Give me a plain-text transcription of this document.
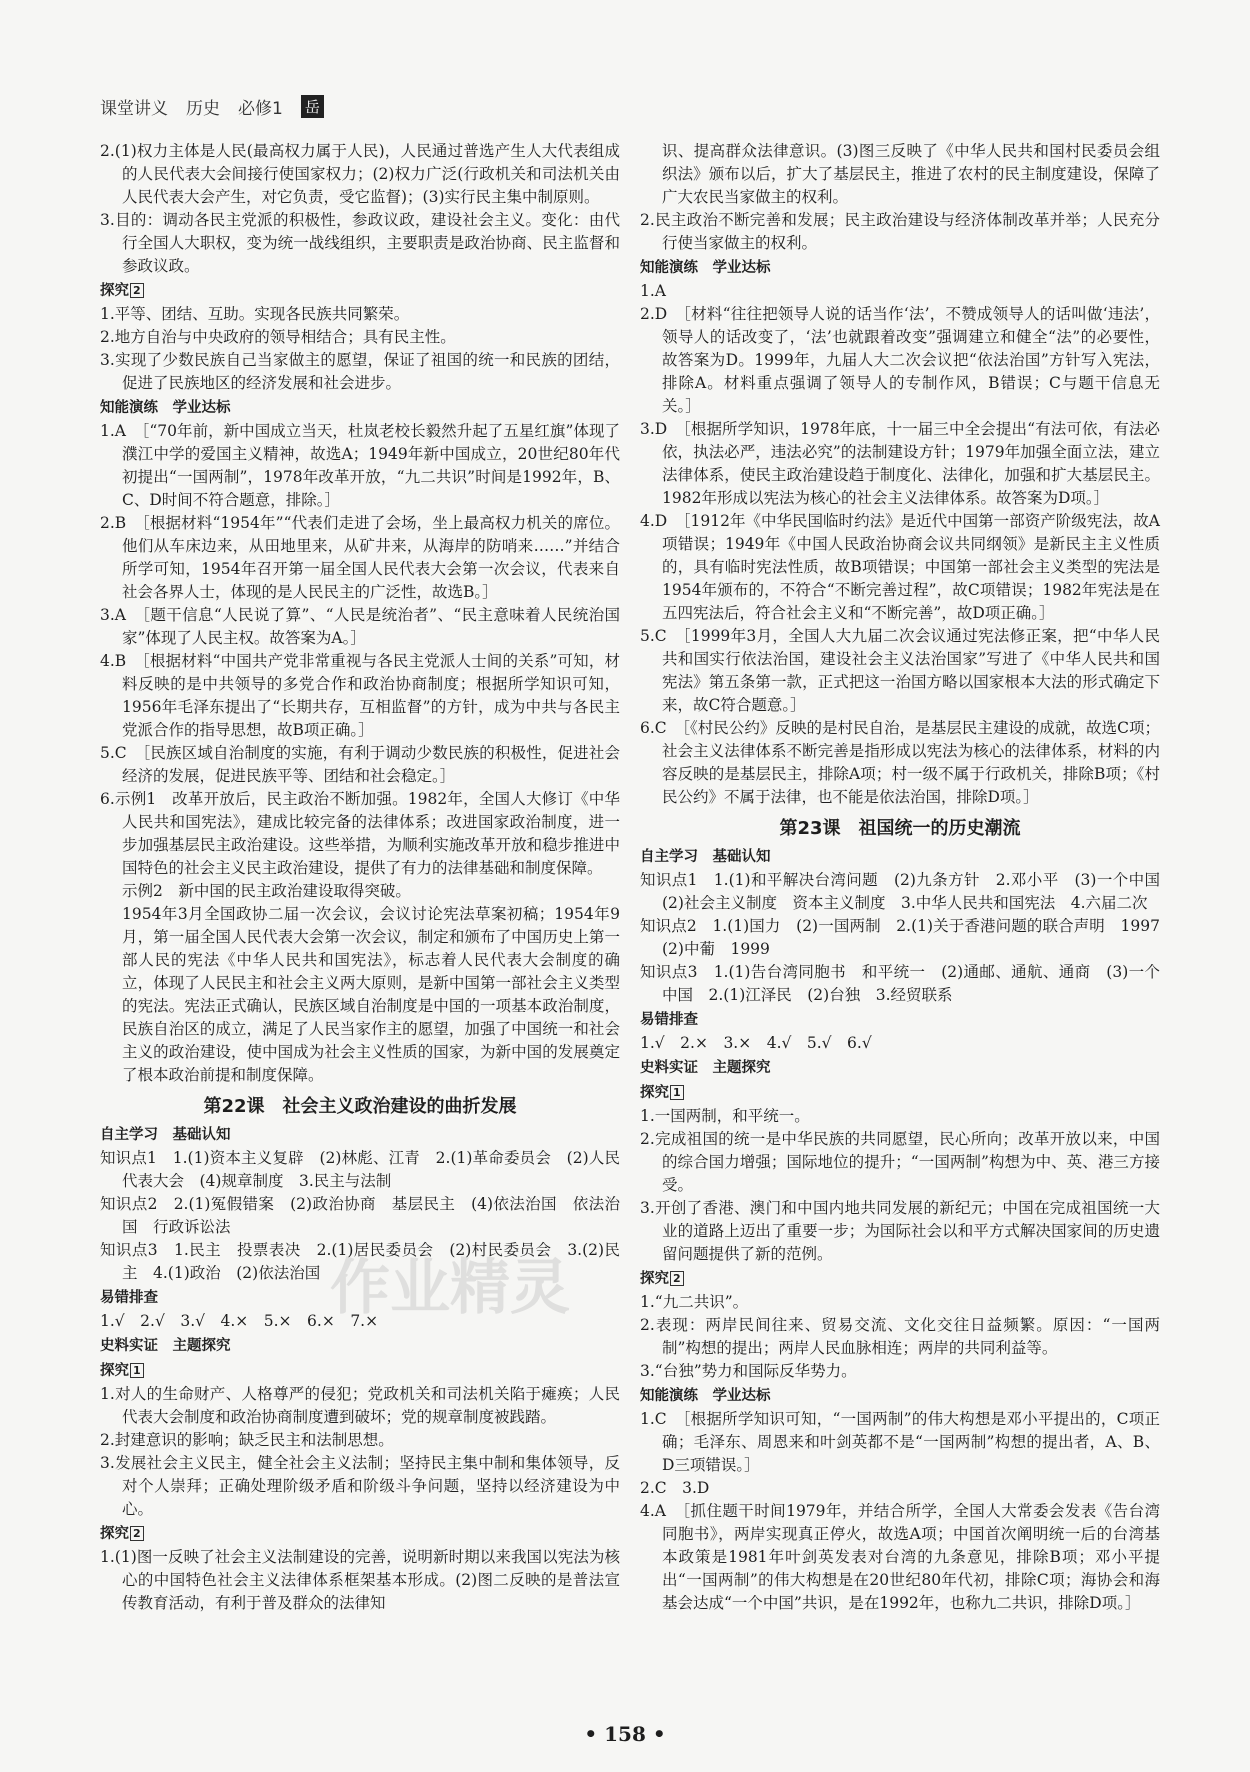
课堂讲义 历史 必修1 岳
2.(1)权力主体是人民(最高权力属于人民)，人民通过普选产生人大代表组成的人民代表大会间接行使国家权力；(2)权力广泛(行政机关和司法机关由人民代表大会产生，对它负责，受它监督)；(3)实行民主集中制原则。
3.目的：调动各民主党派的积极性，参政议政，建设社会主义。变化：由代行全国人大职权，变为统一战线组织，主要职责是政治协商、民主监督和参政议政。
探究 2
1.平等、团结、互助。实现各民族共同繁荣。
2.地方自治与中央政府的领导相结合；具有民主性。
3.实现了少数民族自己当家做主的愿望，保证了祖国的统一和民族的团结，促进了民族地区的经济发展和社会进步。
知能演练　学业达标
1.A　［“70年前，新中国成立当天，杜岚老校长毅然升起了五星红旗”体现了濮江中学的爱国主义精神，故选A；1949年新中国成立，20世纪80年代初提出“一国两制”，1978年改革开放，“九二共识”时间是1992年，B、C、D时间不符合题意，排除。］
2.B　［根据材料“1954年”“代表们走进了会场，坐上最高权力机关的席位。他们从车床边来，从田地里来，从矿井来，从海岸的防哨来……”并结合所学可知，1954年召开第一届全国人民代表大会第一次会议，代表来自社会各界人士，体现的是人民民主的广泛性，故选B。］
3.A　［题干信息“人民说了算”、“人民是统治者”、“民主意味着人民统治国家”体现了人民主权。故答案为A。］
4.B　［根据材料“中国共产党非常重视与各民主党派人士间的关系”可知，材料反映的是中共领导的多党合作和政治协商制度；根据所学知识可知，1956年毛泽东提出了“长期共存，互相监督”的方针，成为中共与各民主党派合作的指导思想，故B项正确。］
5.C　［民族区域自治制度的实施，有利于调动少数民族的积极性，促进社会经济的发展，促进民族平等、团结和社会稳定。］
6.示例1　改革开放后，民主政治不断加强。1982年，全国人大修订《中华人民共和国宪法》，建成比较完备的法律体系；改进国家政治制度，进一步加强基层民主政治建设。这些举措，为顺利实施改革开放和稳步推进中国特色的社会主义民主政治建设，提供了有力的法律基础和制度保障。
示例2　新中国的民主政治建设取得突破。
1954年3月全国政协二届一次会议，会议讨论宪法草案初稿；1954年9月，第一届全国人民代表大会第一次会议，制定和颁布了中国历史上第一部人民的宪法《中华人民共和国宪法》，标志着人民代表大会制度的确立，体现了人民民主和社会主义两大原则，是新中国第一部社会主义类型的宪法。宪法正式确认，民族区域自治制度是中国的一项基本政治制度，民族自治区的成立，满足了人民当家作主的愿望，加强了中国统一和社会主义的政治建设，使中国成为社会主义性质的国家，为新中国的发展奠定了根本政治前提和制度保障。
第22课　社会主义政治建设的曲折发展
自主学习　基础认知
知识点1　1.(1)资本主义复辟　(2)林彪、江青　2.(1)革命委员会　(2)人民代表大会　(4)规章制度　3.民主与法制
知识点2　2.(1)冤假错案　(2)政治协商　基层民主　(4)依法治国　依法治国　行政诉讼法
知识点3　1.民主　投票表决　2.(1)居民委员会　(2)村民委员会　3.(2)民主　4.(1)政治　(2)依法治国
易错排查
1.√　2.√　3.√　4.×　5.×　6.×　7.×
史料实证　主题探究
探究 1
1.对人的生命财产、人格尊严的侵犯；党政机关和司法机关陷于瘫痪；人民代表大会制度和政治协商制度遭到破坏；党的规章制度被践踏。
2.封建意识的影响；缺乏民主和法制思想。
3.发展社会主义民主，健全社会主义法制；坚持民主集中制和集体领导，反对个人崇拜；正确处理阶级矛盾和阶级斗争问题，坚持以经济建设为中心。
探究 2
1.(1)图一反映了社会主义法制建设的完善，说明新时期以来我国以宪法为核心的中国特色社会主义法律体系框架基本形成。(2)图二反映的是普法宣传教育活动，有利于普及群众的法律知
识、提高群众法律意识。(3)图三反映了《中华人民共和国村民委员会组织法》颁布以后，扩大了基层民主，推进了农村的民主制度建设，保障了广大农民当家做主的权利。
2.民主政治不断完善和发展；民主政治建设与经济体制改革并举；人民充分行使当家做主的权利。
知能演练　学业达标
1.A
2.D　［材料“往往把领导人说的话当作‘法’，不赞成领导人的话叫做‘违法’，领导人的话改变了，‘法’也就跟着改变”强调建立和健全“法”的必要性，故答案为D。1999年，九届人大二次会议把“依法治国”方针写入宪法，排除A。材料重点强调了领导人的专制作风，B错误；C与题干信息无关。］
3.D　［根据所学知识，1978年底，十一届三中全会提出“有法可依，有法必依，执法必严，违法必究”的法制建设方针；1979年加强全面立法，建立法律体系，使民主政治建设趋于制度化、法律化，加强和扩大基层民主。1982年形成以宪法为核心的社会主义法律体系。故答案为D项。］
4.D　［1912年《中华民国临时约法》是近代中国第一部资产阶级宪法，故A项错误；1949年《中国人民政治协商会议共同纲领》是新民主主义性质的，具有临时宪法性质，故B项错误；中国第一部社会主义类型的宪法是1954年颁布的，不符合“不断完善过程”，故C项错误；1982年宪法是在五四宪法后，符合社会主义和“不断完善”，故D项正确。］
5.C　［1999年3月，全国人大九届二次会议通过宪法修正案，把“中华人民共和国实行依法治国，建设社会主义法治国家”写进了《中华人民共和国宪法》第五条第一款，正式把这一治国方略以国家根本大法的形式确定下来，故C符合题意。］
6.C　［《村民公约》反映的是村民自治，是基层民主建设的成就，故选C项；社会主义法律体系不断完善是指形成以宪法为核心的法律体系，材料的内容反映的是基层民主，排除A项；村一级不属于行政机关，排除B项；《村民公约》不属于法律，也不能是依法治国，排除D项。］
第23课　祖国统一的历史潮流
自主学习　基础认知
知识点1　1.(1)和平解决台湾问题　(2)九条方针　2.邓小平　(3)一个中国　(2)社会主义制度　资本主义制度　3.中华人民共和国宪法　4.六届二次
知识点2　1.(1)国力　(2)一国两制　2.(1)关于香港问题的联合声明　1997　(2)中葡　1999
知识点3　1.(1)告台湾同胞书　和平统一　(2)通邮、通航、通商　(3)一个中国　2.(1)江泽民　(2)台独　3.经贸联系
易错排查
1.√　2.×　3.×　4.√　5.√　6.√
史料实证　主题探究
探究 1
1.一国两制，和平统一。
2.完成祖国的统一是中华民族的共同愿望，民心所向；改革开放以来，中国的综合国力增强；国际地位的提升；“一国两制”构想为中、英、港三方接受。
3.开创了香港、澳门和中国内地共同发展的新纪元；中国在完成祖国统一大业的道路上迈出了重要一步；为国际社会以和平方式解决国家间的历史遗留问题提供了新的范例。
探究 2
1.“九二共识”。
2.表现：两岸民间往来、贸易交流、文化交往日益频繁。原因：“一国两制”构想的提出；两岸人民血脉相连；两岸的共同利益等。
3.“台独”势力和国际反华势力。
知能演练　学业达标
1.C　［根据所学知识可知，“一国两制”的伟大构想是邓小平提出的，C项正确；毛泽东、周恩来和叶剑英都不是“一国两制”构想的提出者，A、B、D三项错误。］
2.C　3.D
4.A　［抓住题干时间1979年，并结合所学，全国人大常委会发表《告台湾同胞书》，两岸实现真正停火，故选A项；中国首次阐明统一后的台湾基本政策是1981年叶剑英发表对台湾的九条意见，排除B项；邓小平提出“一国两制”的伟大构想是在20世纪80年代初，排除C项；海协会和海基会达成“一个中国”共识，是在1992年，也称九二共识，排除D项。］
作业精灵
• 158 •
